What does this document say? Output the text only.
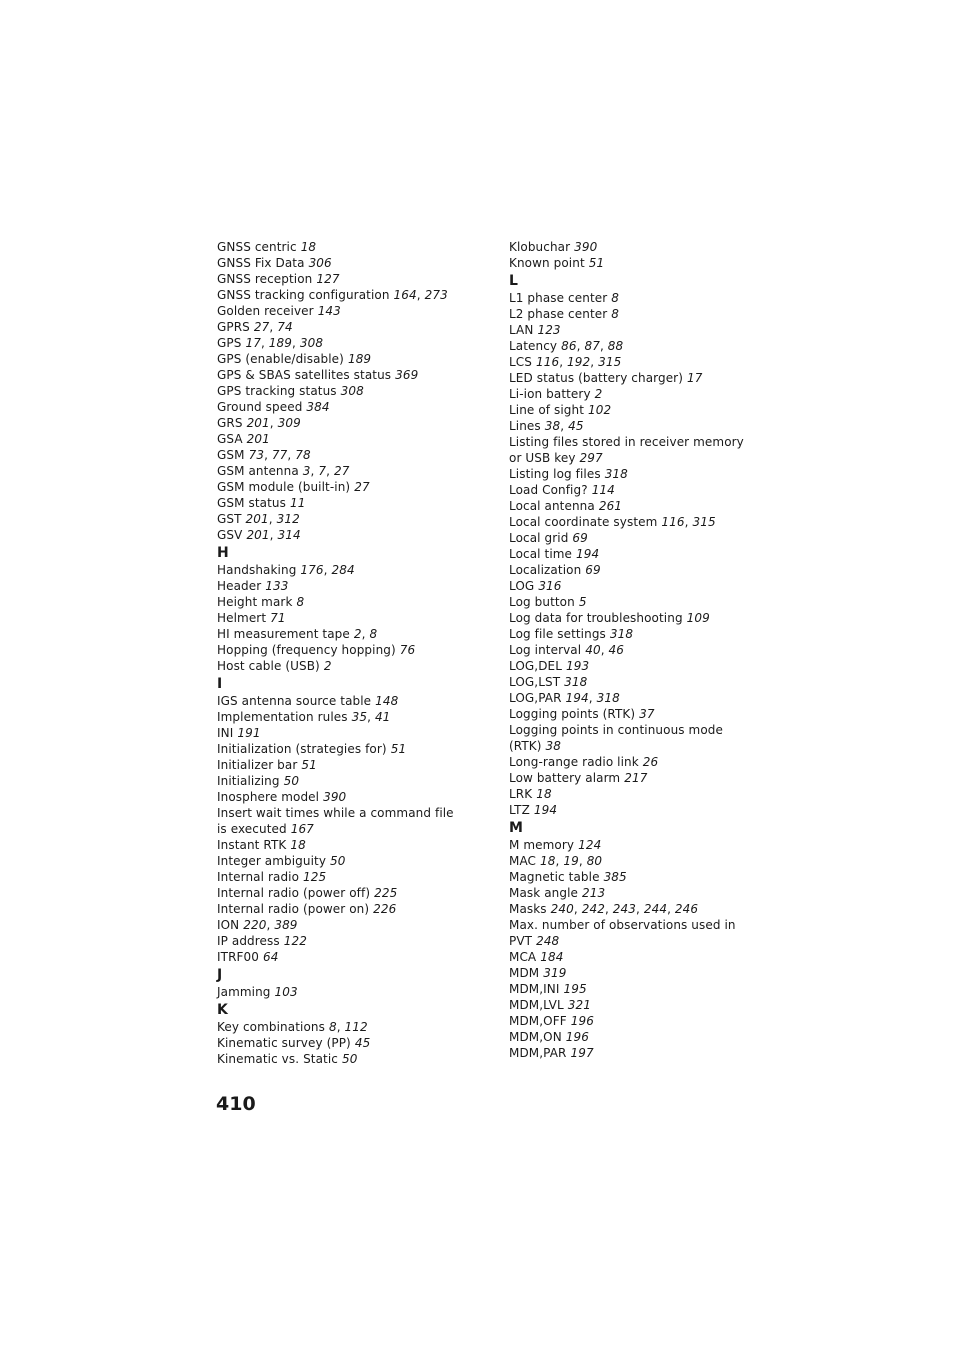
GNSS centric 18
GNSS Fix Data 306
GNSS reception 127
GNSS tracking configuration 164, 273
Golden receiver 143
GPRS 27, 74
GPS 17, 189, 308
GPS (enable/disable) 189
GPS & SBAS satellites status 369
GPS tracking status 308
Ground speed 384
GRS 201, 309
GSA 201
GSM 73, 77, 78
GSM antenna 3, 7, 27
GSM module (built-in) 27
GSM status 11
GST 201, 312
GSV 201, 314
H
Handshaking 176, 284
Header 133
Height mark 8
Helmert 71
HI measurement tape 2, 8
Hopping (frequency hopping) 76
Host cable (USB) 2
I
IGS antenna source table 148
Implementation rules 35, 41
INI 191
Initialization (strategies for) 51
Initializer bar 51
Initializing 50
Inosphere model 390
Insert wait times while a command file is executed 167
Instant RTK 18
Integer ambiguity 50
Internal radio 125
Internal radio (power off) 225
Internal radio (power on) 226
ION 220, 389
IP address 122
ITRF00 64
J
Jamming 103
K
Key combinations 8, 112
Kinematic survey (PP) 45
Kinematic vs. Static 50
Klobuchar 390
Known point 51
L
L1 phase center 8
L2 phase center 8
LAN 123
Latency 86, 87, 88
LCS 116, 192, 315
LED status (battery charger) 17
Li-ion battery 2
Line of sight 102
Lines 38, 45
Listing files stored in receiver memory or USB key 297
Listing log files 318
Load Config? 114
Local antenna 261
Local coordinate system 116, 315
Local grid 69
Local time 194
Localization 69
LOG 316
Log button 5
Log data for troubleshooting 109
Log file settings 318
Log interval 40, 46
LOG,DEL 193
LOG,LST 318
LOG,PAR 194, 318
Logging points (RTK) 37
Logging points in continuous mode (RTK) 38
Long-range radio link 26
Low battery alarm 217
LRK 18
LTZ 194
M
M memory 124
MAC 18, 19, 80
Magnetic table 385
Mask angle 213
Masks 240, 242, 243, 244, 246
Max. number of observations used in PVT 248
MCA 184
MDM 319
MDM,INI 195
MDM,LVL 321
MDM,OFF 196
MDM,ON 196
MDM,PAR 197
410
